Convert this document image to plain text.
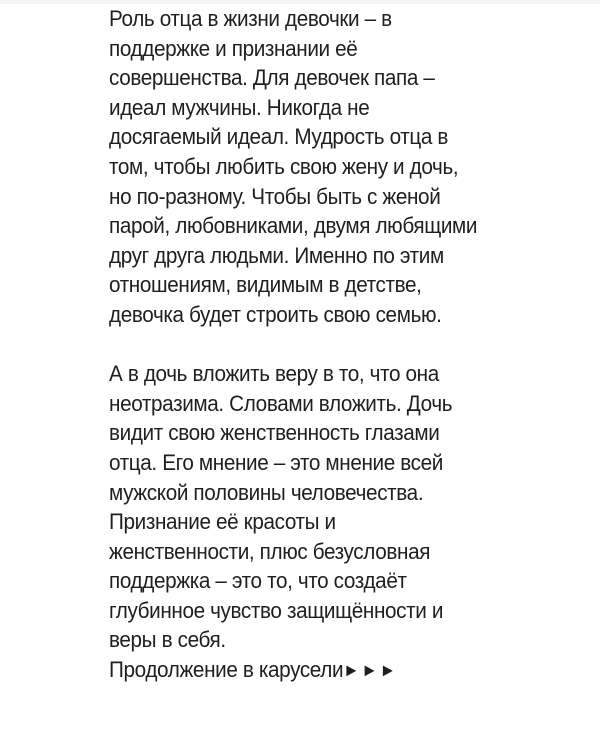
Роль отца в жизни девочки – в
поддержке и признании её
совершенства. Для девочек папа –
идеал мужчины. Никогда не
досягаемый идеал. Мудрость отца в
том, чтобы любить свою жену и дочь,
но по-разному. Чтобы быть с женой
парой, любовниками, двумя любящими
друг друга людьми. Именно по этим
отношениям, видимым в детстве,
девочка будет строить свою семью.

А в дочь вложить веру в то, что она
неотразима. Словами вложить. Дочь
видит свою женственность глазами
отца. Его мнение – это мнение всей
мужской половины человечества.
Признание её красоты и
женственности, плюс безусловная
поддержка – это то, что создаёт
глубинное чувство защищённости и
веры в себя.

Продолжение в карусели►►►
